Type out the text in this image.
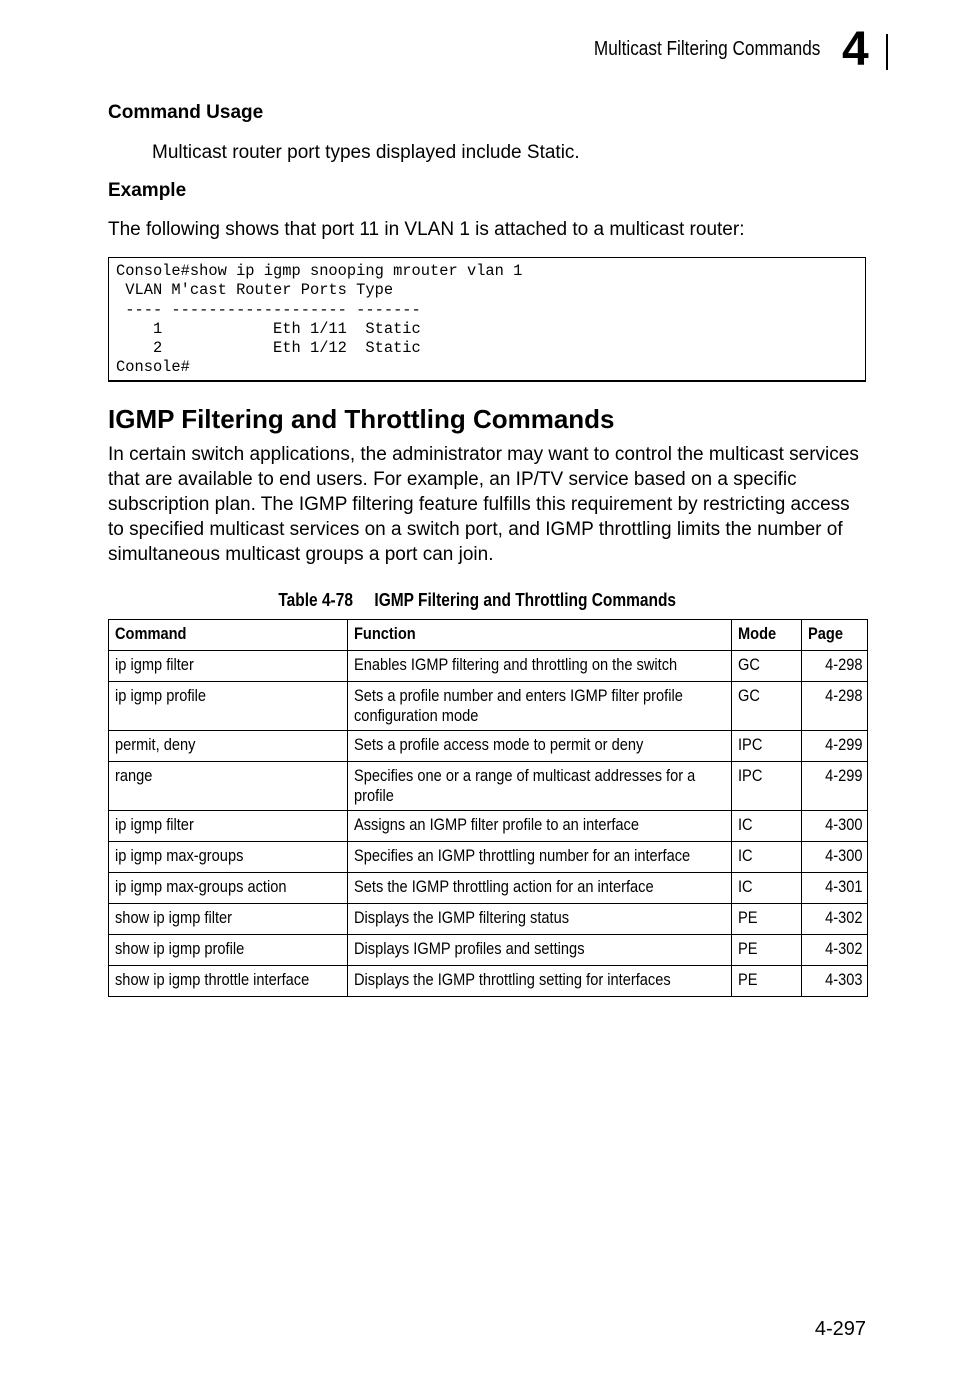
Multicast Filtering Commands 4
Command Usage
Multicast router port types displayed include Static.
Example
The following shows that port 11 in VLAN 1 is attached to a multicast router:
Console#show ip igmp snooping mrouter vlan 1
VLAN M'cast Router Ports Type
---- ------------------- -------
1            Eth 1/11  Static
2            Eth 1/12  Static
Console#
IGMP Filtering and Throttling Commands
In certain switch applications, the administrator may want to control the multicast services that are available to end users. For example, an IP/TV service based on a specific subscription plan. The IGMP filtering feature fulfills this requirement by restricting access to specified multicast services on a switch port, and IGMP throttling limits the number of simultaneous multicast groups a port can join.
Table 4-78     IGMP Filtering and Throttling Commands
Command	Function	Mode	Page
ip igmp filter	Enables IGMP filtering and throttling on the switch	GC	4-298
ip igmp profile	Sets a profile number and enters IGMP filter profile configuration mode	GC	4-298
permit, deny	Sets a profile access mode to permit or deny	IPC	4-299
range	Specifies one or a range of multicast addresses for a profile	IPC	4-299
ip igmp filter	Assigns an IGMP filter profile to an interface	IC	4-300
ip igmp max-groups	Specifies an IGMP throttling number for an interface	IC	4-300
ip igmp max-groups action	Sets the IGMP throttling action for an interface	IC	4-301
show ip igmp filter	Displays the IGMP filtering status	PE	4-302
show ip igmp profile	Displays IGMP profiles and settings	PE	4-302
show ip igmp throttle interface	Displays the IGMP throttling setting for interfaces	PE	4-303
4-297
